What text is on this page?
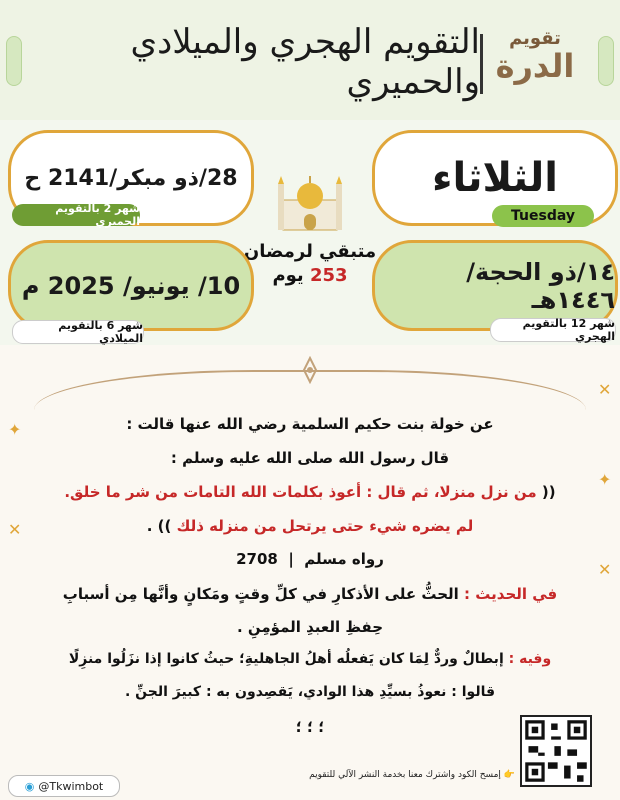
التقويم الهجري والميلادي والحميري
تقويم
الدرة
الثلاثاء
Tuesday
28/ذو مبكر/2141 ح
شهر 2 بالتقويم الحميري
متبقي لرمضان
253 يوم	١٤/ذو الحجة/ ١٤٤٦هـ
شهر 12 بالتقويم الهجري
10/ يونيو/ 2025 م
شهر 6 بالتقويم الميلادي
✕
✦
✕
✦
✕
عن خولة بنت حكيم السلمية رضي الله عنها قالت :
قال رسول الله صلى الله عليه وسلم :
(( من نزل منزلا، ثم قال : أعوذ بكلمات الله التامات من شر ما خلق.
لم يضره شيء حتى يرتحل من منزله ذلك )) .
رواه مسلم  |  2708
في الحديث : الحثُّ على الأذكارِ في كلِّ وقتٍ ومَكانٍ وأنَّها مِن أسبابِ
حِفظِ العبدِ المؤمِنِ .
وفيه : إبطالٌ وردٌّ لِمَا كان يَفعلُه أهلُ الجاهليةِ؛ حيثُ كانوا إذا نزَلُوا منزِلًا
قالوا : نعوذُ بسيِّدِ هذا الوادي، يَقصِدون به : كبيرَ الجنِّ .
؛ ؛ ؛
👉 إمسح الكود واشترك معنا بخدمة النشر الآلي للتقويم
◉ @Tkwimbot
